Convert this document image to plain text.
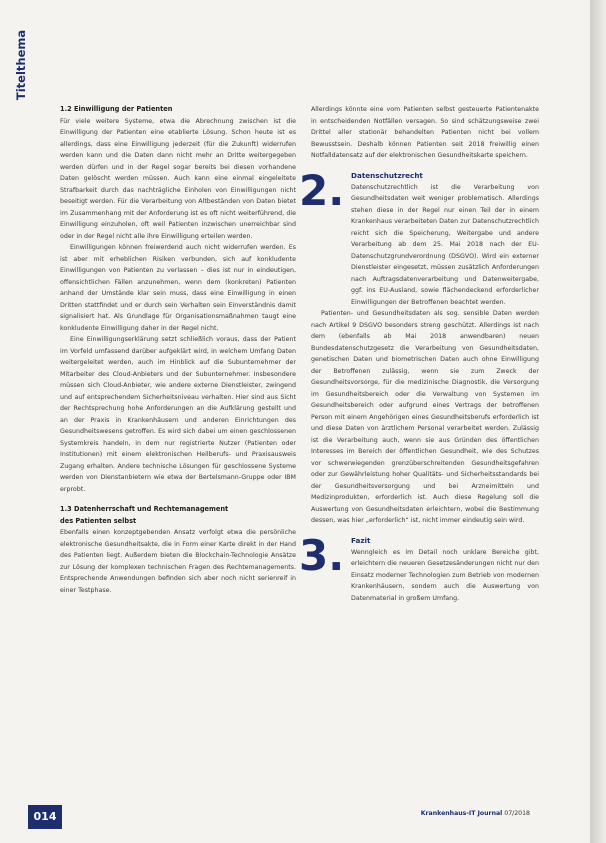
Titelthema
1.2 Einwilligung der Patienten

Für viele weitere Systeme, etwa die Abrechnung zwischen ist die Einwilligung der Patienten eine etablierte Lösung. Schon heute ist es allerdings, dass eine Einwilligung jederzeit (für die Zukunft) widerrufen werden kann und die Daten dann nicht mehr an Dritte weitergegeben werden dürfen und in der Regel sogar bereits bei diesen vorhandene Daten gelöscht werden müssen. Auch kann eine einmal eingeleitete Strafbarkeit durch das nachträgliche Einholen von Einwilligungen nicht beseitigt werden. Für die Verarbeitung von Altbeständen von Daten bietet im Zusammenhang mit der Anforderung ist es oft nicht weiterführend, die Einwilligung einzuholen, oft weil Patienten inzwischen unerreichbar sind oder in der Regel nicht alle ihre Einwilligung erteilen werden.

Einwilligungen können freiwerdend auch nicht widerrufen werden. Es ist aber mit erheblichen Risiken verbunden, sich auf konkludente Einwilligungen von Patienten zu verlassen – dies ist nur in eindeutigen, offensichtlichen Fällen anzunehmen, wenn dem (konkreten) Patienten anhand der Umstände klar sein muss, dass eine Einwilligung in einen Dritten stattfindet und er durch sein Verhalten sein Einverständnis damit signalisiert hat. Als Grundlage für Organisationsmaßnahmen taugt eine konkludente Einwilligung daher in der Regel nicht.

Eine Einwilligungserklärung setzt schließlich voraus, dass der Patient im Vorfeld umfassend darüber aufgeklärt wird, in welchem Umfang Daten weitergeleitet werden, auch im Hinblick auf die Subunternehmer der Mitarbeiter des Cloud-Anbieters und der Subunternehmer. Insbesondere müssen sich Cloud-Anbieter, wie andere externe Dienstleister, zwingend und auf entsprechendem Sicherheitsniveau verhalten. Hier sind aus Sicht der Rechtsprechung hohe Anforderungen an die Aufklärung gestellt und an der Praxis in Krankenhäusern und anderen Einrichtungen des Gesundheitswesens getroffen. Es wird sich dabei um einen geschlossenen Systemkreis handeln, in dem nur registrierte Nutzer (Patienten oder Institutionen) mit einem elektronischen Heilberufs- und Praxisausweis Zugang erhalten. Andere technische Lösungen für geschlossene Systeme werden von Dienstanbietern wie etwa der Bertelsmann-Gruppe oder IBM erprobt.

1.3 Datenherrschaft und Rechtemanagement
des Patienten selbst

Ebenfalls einen konzeptgebenden Ansatz verfolgt etwa die persönliche elektronische Gesundheitsakte, die in Form einer Karte direkt in der Hand des Patienten liegt. Außerdem bieten die Blockchain-Technologie Ansätze zur Lösung der komplexen technischen Fragen des Rechtemanagements. Entsprechende Anwendungen befinden sich aber noch nicht serienreif in einer Testphase.

Allerdings könnte eine vom Patienten selbst gesteuerte Patientenakte in entscheidenden Notfällen versagen. So sind schätzungsweise zwei Drittel aller stationär behandelten Patienten nicht bei vollem Bewusstsein. Deshalb können Patienten seit 2018 freiwillig einen Notfalldatensatz auf der elektronischen Gesundheitskarte speichern.

2. Datenschutzrecht

Datenschutzrechtlich ist die Verarbeitung von Gesundheitsdaten weit weniger problematisch. Allerdings stehen diese in der Regel nur einen Teil der in einem Krankenhaus verarbeiteten Daten zur Datenschutzrechtlich reicht sich die Speicherung, Weitergabe und andere Verarbeitung ab dem 25. Mai 2018 nach der EU-Datenschutzgrundverordnung (DSGVO). Wird ein externer Dienstleister eingesetzt, müssen zusätzlich Anforderungen nach Auftragsdatenverarbeitung und Datenweitergabe, ggf. ins EU-Ausland, sowie flächendeckend erforderlicher Einwilligungen der Betroffenen beachtet werden.

Patienten- und Gesundheitsdaten als sog. sensible Daten werden nach Artikel 9 DSGVO besonders streng geschützt. Allerdings ist nach dem (ebenfalls ab Mai 2018 anwendbaren) neuen Bundesdatenschutzgesetz die Verarbeitung von Gesundheitsdaten, genetischen Daten und biometrischen Daten auch ohne Einwilligung der Betroffenen zulässig, wenn sie zum Zweck der Gesundheitsvorsorge, für die medizinische Diagnostik, die Versorgung im Gesundheitsbereich oder die Verwaltung von Systemen im Gesundheitsbereich oder aufgrund eines Vertrags der betroffenen Person mit einem Angehörigen eines Gesundheitsberufs erforderlich ist und diese Daten von ärztlichem Personal verarbeitet werden. Zulässig ist die Verarbeitung auch, wenn sie aus Gründen des öffentlichen Interesses im Bereich der öffentlichen Gesundheit, wie des Schutzes vor schwerwiegenden grenzüberschreitenden Gesundheitsgefahren oder zur Gewährleistung hoher Qualitäts- und Sicherheitsstandards bei der Gesundheitsversorgung und bei Arzneimitteln und Medizinprodukten, erforderlich ist. Auch diese Regelung soll die Auswertung von Gesundheitsdaten erleichtern, wobei die Bestimmung dessen, was hier „erforderlich“ ist, nicht immer eindeutig sein wird.

3. Fazit

Wenngleich es im Detail noch unklare Bereiche gibt, erleichtern die neueren Gesetzesänderungen nicht nur den Einsatz moderner Technologien zum Betrieb von modernen Krankenhäusern, sondern auch die Auswertung von Datenmaterial in großem Umfang.

014	Krankenhaus-IT Journal 07/2018
